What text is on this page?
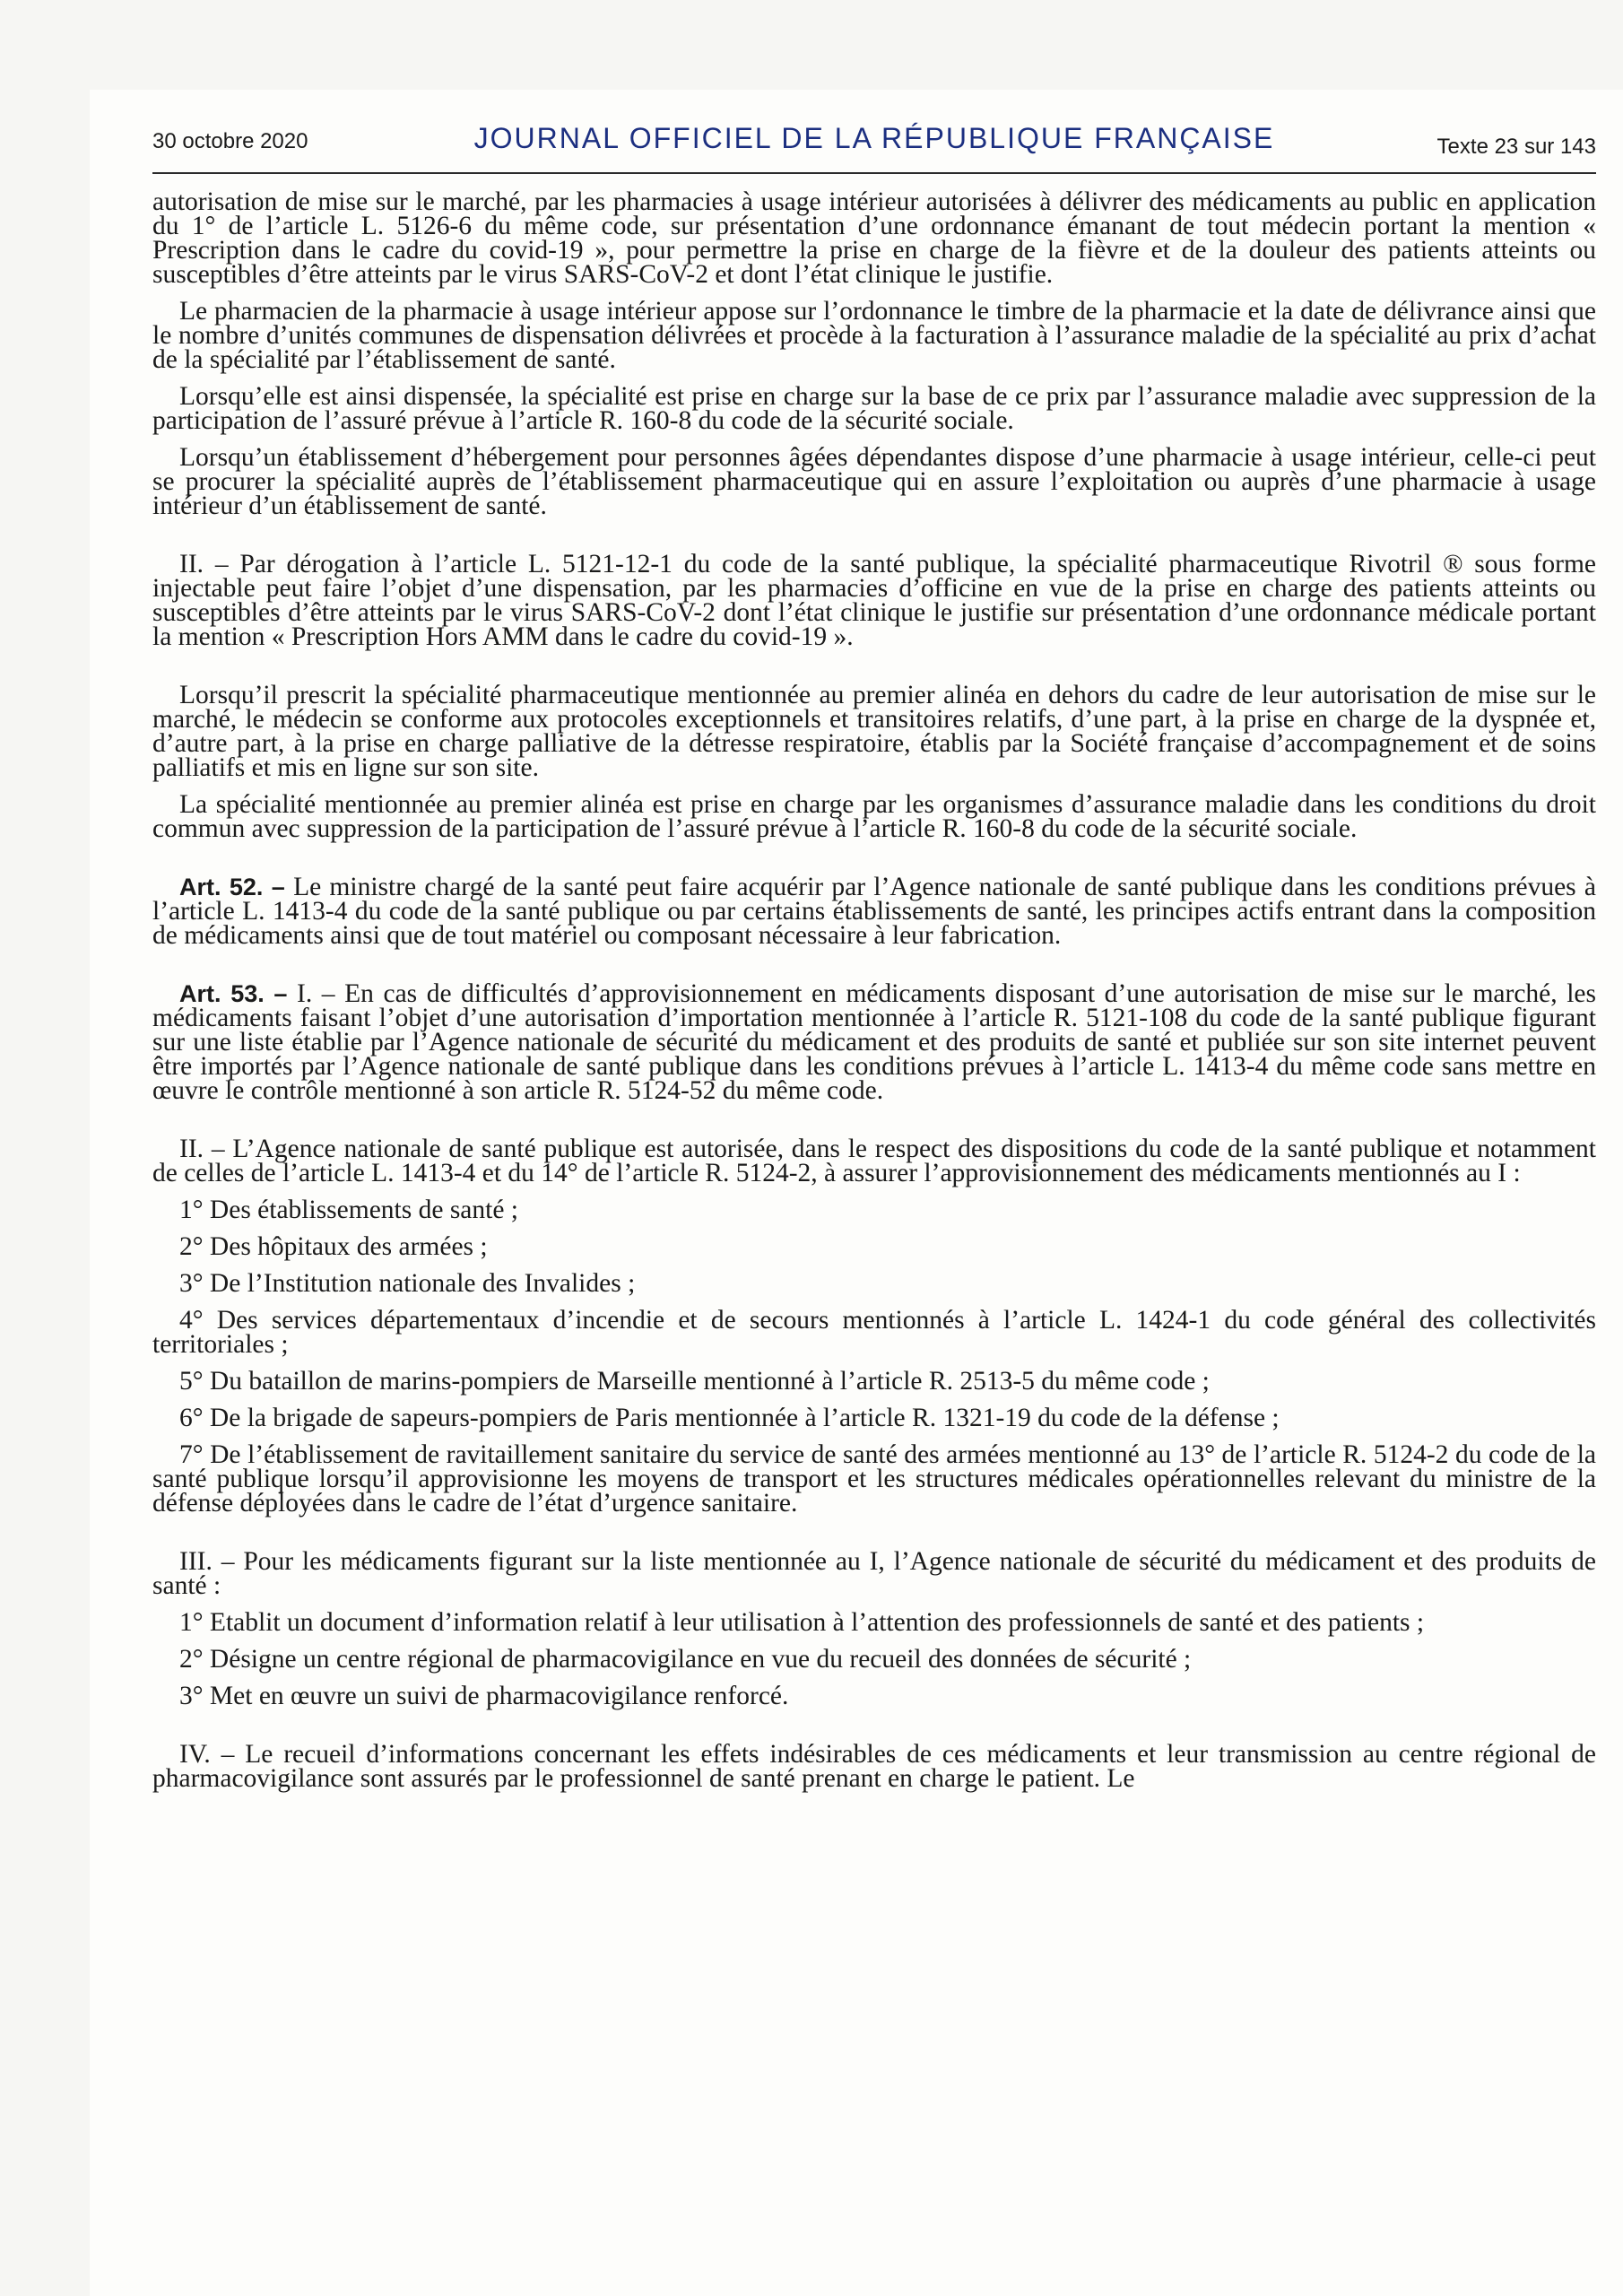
30 octobre 2020	JOURNAL OFFICIEL DE LA RÉPUBLIQUE FRANÇAISE	Texte 23 sur 143

autorisation de mise sur le marché, par les pharmacies à usage intérieur autorisées à délivrer des médicaments au public en application du 1° de l’article L. 5126-6 du même code, sur présentation d’une ordonnance émanant de tout médecin portant la mention « Prescription dans le cadre du covid-19 », pour permettre la prise en charge de la fièvre et de la douleur des patients atteints ou susceptibles d’être atteints par le virus SARS-CoV-2 et dont l’état clinique le justifie.

Le pharmacien de la pharmacie à usage intérieur appose sur l’ordonnance le timbre de la pharmacie et la date de délivrance ainsi que le nombre d’unités communes de dispensation délivrées et procède à la facturation à l’assurance maladie de la spécialité au prix d’achat de la spécialité par l’établissement de santé.

Lorsqu’elle est ainsi dispensée, la spécialité est prise en charge sur la base de ce prix par l’assurance maladie avec suppression de la participation de l’assuré prévue à l’article R. 160-8 du code de la sécurité sociale.

Lorsqu’un établissement d’hébergement pour personnes âgées dépendantes dispose d’une pharmacie à usage intérieur, celle-ci peut se procurer la spécialité auprès de l’établissement pharmaceutique qui en assure l’exploitation ou auprès d’une pharmacie à usage intérieur d’un établissement de santé.

II. – Par dérogation à l’article L. 5121-12-1 du code de la santé publique, la spécialité pharmaceutique Rivotril ® sous forme injectable peut faire l’objet d’une dispensation, par les pharmacies d’officine en vue de la prise en charge des patients atteints ou susceptibles d’être atteints par le virus SARS-CoV-2 dont l’état clinique le justifie sur présentation d’une ordonnance médicale portant la mention « Prescription Hors AMM dans le cadre du covid-19 ».

Lorsqu’il prescrit la spécialité pharmaceutique mentionnée au premier alinéa en dehors du cadre de leur autorisation de mise sur le marché, le médecin se conforme aux protocoles exceptionnels et transitoires relatifs, d’une part, à la prise en charge de la dyspnée et, d’autre part, à la prise en charge palliative de la détresse respiratoire, établis par la Société française d’accompagnement et de soins palliatifs et mis en ligne sur son site.

La spécialité mentionnée au premier alinéa est prise en charge par les organismes d’assurance maladie dans les conditions du droit commun avec suppression de la participation de l’assuré prévue à l’article R. 160-8 du code de la sécurité sociale.

Art. 52. – Le ministre chargé de la santé peut faire acquérir par l’Agence nationale de santé publique dans les conditions prévues à l’article L. 1413-4 du code de la santé publique ou par certains établissements de santé, les principes actifs entrant dans la composition de médicaments ainsi que de tout matériel ou composant nécessaire à leur fabrication.

Art. 53. – I. – En cas de difficultés d’approvisionnement en médicaments disposant d’une autorisation de mise sur le marché, les médicaments faisant l’objet d’une autorisation d’importation mentionnée à l’article R. 5121-108 du code de la santé publique figurant sur une liste établie par l’Agence nationale de sécurité du médicament et des produits de santé et publiée sur son site internet peuvent être importés par l’Agence nationale de santé publique dans les conditions prévues à l’article L. 1413-4 du même code sans mettre en œuvre le contrôle mentionné à son article R. 5124-52 du même code.

II. – L’Agence nationale de santé publique est autorisée, dans le respect des dispositions du code de la santé publique et notamment de celles de l’article L. 1413-4 et du 14° de l’article R. 5124-2, à assurer l’approvisionnement des médicaments mentionnés au I :

1° Des établissements de santé ;

2° Des hôpitaux des armées ;

3° De l’Institution nationale des Invalides ;

4° Des services départementaux d’incendie et de secours mentionnés à l’article L. 1424-1 du code général des collectivités territoriales ;

5° Du bataillon de marins-pompiers de Marseille mentionné à l’article R. 2513-5 du même code ;

6° De la brigade de sapeurs-pompiers de Paris mentionnée à l’article R. 1321-19 du code de la défense ;

7° De l’établissement de ravitaillement sanitaire du service de santé des armées mentionné au 13° de l’article R. 5124-2 du code de la santé publique lorsqu’il approvisionne les moyens de transport et les structures médicales opérationnelles relevant du ministre de la défense déployées dans le cadre de l’état d’urgence sanitaire.

III. – Pour les médicaments figurant sur la liste mentionnée au I, l’Agence nationale de sécurité du médicament et des produits de santé :

1° Etablit un document d’information relatif à leur utilisation à l’attention des professionnels de santé et des patients ;

2° Désigne un centre régional de pharmacovigilance en vue du recueil des données de sécurité ;

3° Met en œuvre un suivi de pharmacovigilance renforcé.

IV. – Le recueil d’informations concernant les effets indésirables de ces médicaments et leur transmission au centre régional de pharmacovigilance sont assurés par le professionnel de santé prenant en charge le patient. Le
